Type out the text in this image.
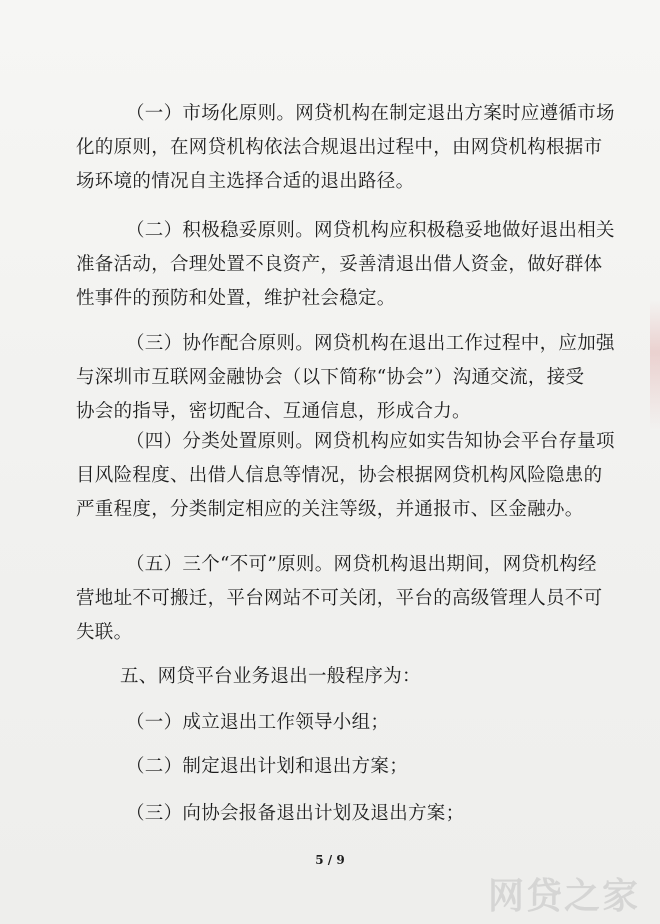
（一）市场化原则。网贷机构在制定退出方案时应遵循市场
化的原则，在网贷机构依法合规退出过程中，由网贷机构根据市
场环境的情况自主选择合适的退出路径。
（二）积极稳妥原则。网贷机构应积极稳妥地做好退出相关
准备活动，合理处置不良资产，妥善清退出借人资金，做好群体
性事件的预防和处置，维护社会稳定。
（三）协作配合原则。网贷机构在退出工作过程中，应加强
与深圳市互联网金融协会（以下简称“协会”）沟通交流，接受
协会的指导，密切配合、互通信息，形成合力。
（四）分类处置原则。网贷机构应如实告知协会平台存量项
目风险程度、出借人信息等情况，协会根据网贷机构风险隐患的
严重程度，分类制定相应的关注等级，并通报市、区金融办。
（五）三个“不可”原则。网贷机构退出期间，网贷机构经
营地址不可搬迁，平台网站不可关闭，平台的高级管理人员不可
失联。
五、网贷平台业务退出一般程序为：
（一）成立退出工作领导小组；
（二）制定退出计划和退出方案；
（三）向协会报备退出计划及退出方案；
5 / 9
网贷之家
